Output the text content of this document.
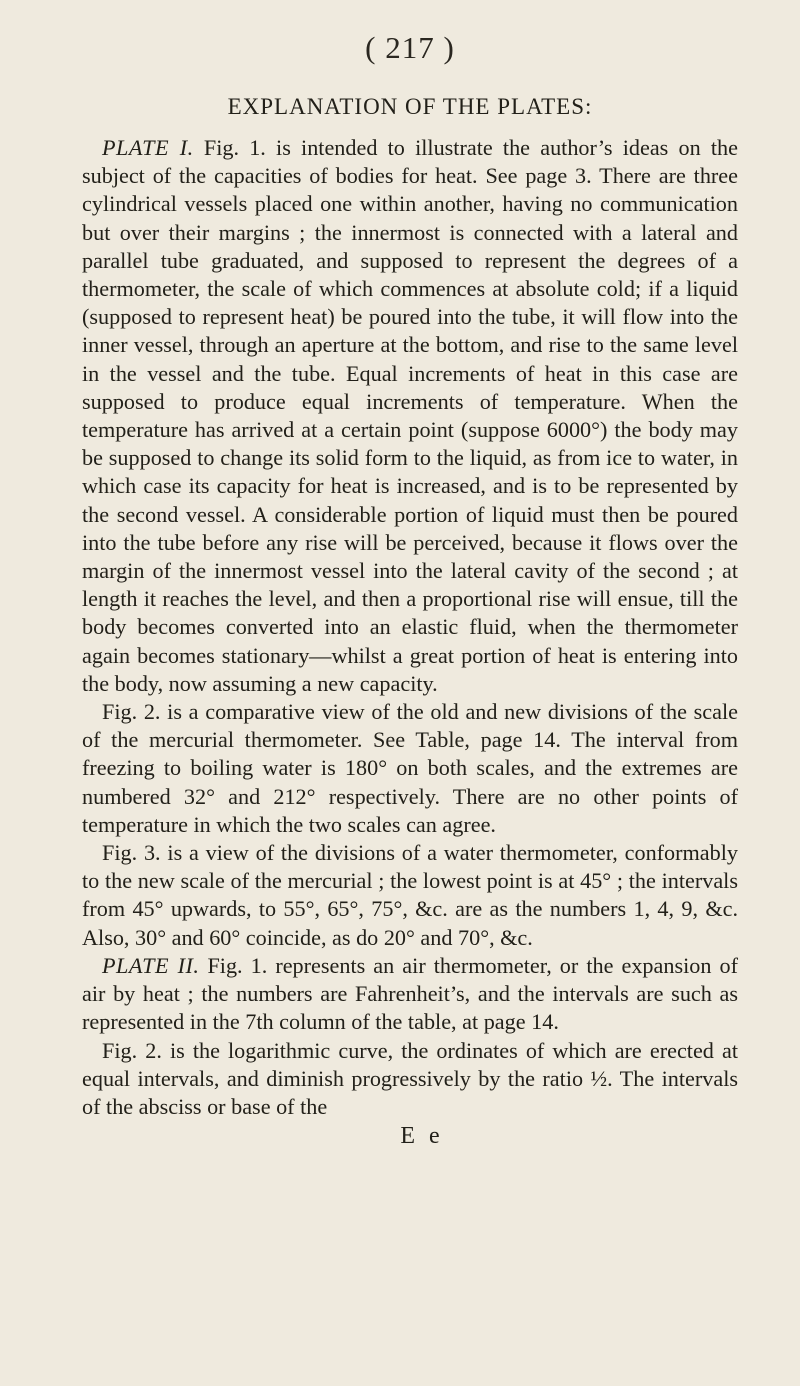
( 217 )
EXPLANATION OF THE PLATES:

PLATE I. Fig. 1. is intended to illustrate the author’s ideas on the subject of the capacities of bodies for heat. See page 3. There are three cylindrical vessels placed one within another, having no communication but over their margins ; the innermost is connected with a lateral and parallel tube graduated, and supposed to represent the degrees of a thermometer, the scale of which commences at absolute cold; if a liquid (supposed to represent heat) be poured into the tube, it will flow into the inner vessel, through an aperture at the bottom, and rise to the same level in the vessel and the tube. Equal increments of heat in this case are supposed to produce equal increments of temperature. When the temperature has arrived at a certain point (suppose 6000°) the body may be supposed to change its solid form to the liquid, as from ice to water, in which case its capacity for heat is increased, and is to be represented by the second vessel. A considerable portion of liquid must then be poured into the tube before any rise will be perceived, because it flows over the margin of the innermost vessel into the lateral cavity of the second ; at length it reaches the level, and then a proportional rise will ensue, till the body becomes converted into an elastic fluid, when the thermometer again becomes stationary—whilst a great portion of heat is entering into the body, now assuming a new capacity.

Fig. 2. is a comparative view of the old and new divisions of the scale of the mercurial thermometer. See Table, page 14. The interval from freezing to boiling water is 180° on both scales, and the extremes are numbered 32° and 212° respectively. There are no other points of temperature in which the two scales can agree.

Fig. 3. is a view of the divisions of a water thermometer, conformably to the new scale of the mercurial ; the lowest point is at 45° ; the intervals from 45° upwards, to 55°, 65°, 75°, &c. are as the numbers 1, 4, 9, &c. Also, 30° and 60° coincide, as do 20° and 70°, &c.

PLATE II. Fig. 1. represents an air thermometer, or the expansion of air by heat ; the numbers are Fahrenheit’s, and the intervals are such as represented in the 7th column of the table, at page 14.

Fig. 2. is the logarithmic curve, the ordinates of which are erected at equal intervals, and diminish progressively by the ratio ½. The intervals of the absciss or base of the

E e
